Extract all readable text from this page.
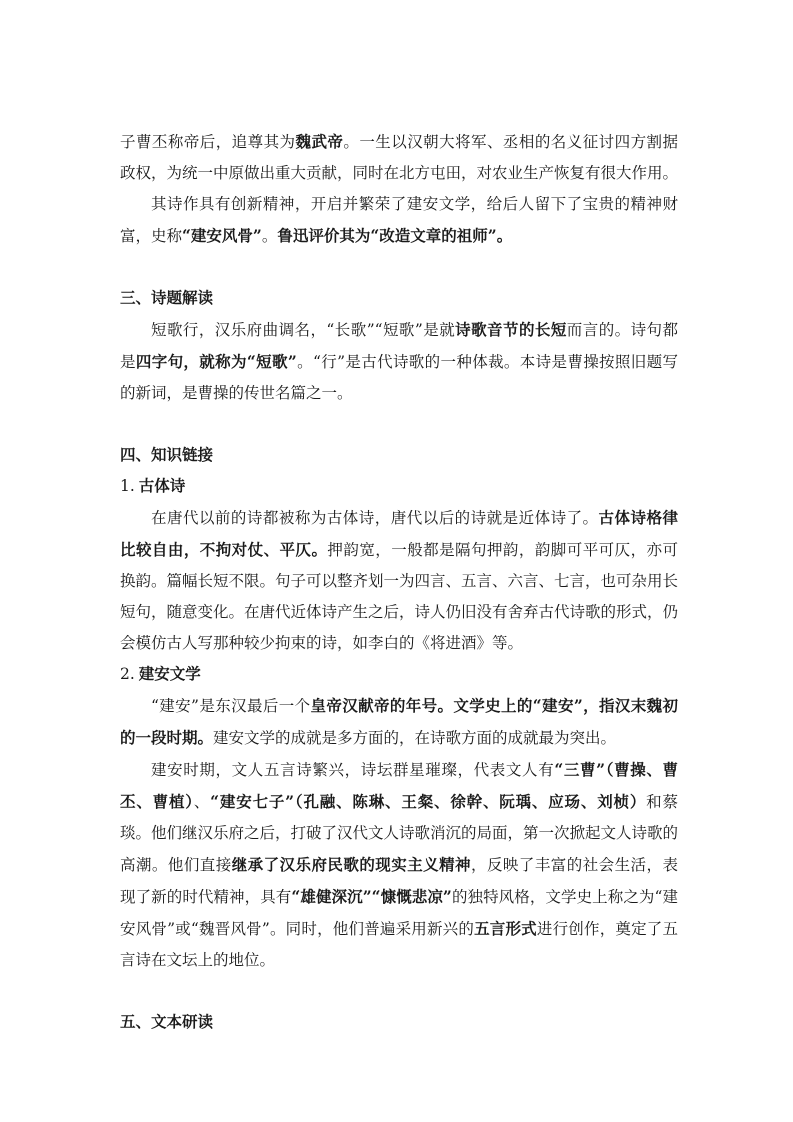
子曹丕称帝后，追尊其为魏武帝。一生以汉朝大将军、丞相的名义征讨四方割据政权，为统一中原做出重大贡献，同时在北方屯田，对农业生产恢复有很大作用。

其诗作具有创新精神，开启并繁荣了建安文学，给后人留下了宝贵的精神财富，史称“建安风骨”。鲁迅评价其为“改造文章的祖师”。

三、诗题解读

短歌行，汉乐府曲调名，“长歌”“短歌”是就诗歌音节的长短而言的。诗句都是四字句，就称为“短歌”。“行”是古代诗歌的一种体裁。本诗是曹操按照旧题写的新词，是曹操的传世名篇之一。

四、知识链接
1. 古体诗

在唐代以前的诗都被称为古体诗，唐代以后的诗就是近体诗了。古体诗格律比较自由，不拘对仗、平仄。押韵宽，一般都是隔句押韵，韵脚可平可仄，亦可换韵。篇幅长短不限。句子可以整齐划一为四言、五言、六言、七言，也可杂用长短句，随意变化。在唐代近体诗产生之后，诗人仍旧没有舍弃古代诗歌的形式，仍会模仿古人写那种较少拘束的诗，如李白的《将进酒》等。

2. 建安文学

“建安”是东汉最后一个皇帝汉献帝的年号。文学史上的“建安”，指汉末魏初的一段时期。建安文学的成就是多方面的，在诗歌方面的成就最为突出。

建安时期，文人五言诗繁兴，诗坛群星璀璨，代表文人有“三曹”（曹操、曹丕、曹植）、“建安七子”（孔融、陈琳、王粲、徐幹、阮瑀、应玚、刘桢）和蔡琰。他们继汉乐府之后，打破了汉代文人诗歌消沉的局面，第一次掀起文人诗歌的高潮。他们直接继承了汉乐府民歌的现实主义精神，反映了丰富的社会生活，表现了新的时代精神，具有“雄健深沉”“慷慨悲凉”的独特风格，文学史上称之为“建安风骨”或“魏晋风骨”。同时，他们普遍采用新兴的五言形式进行创作，奠定了五言诗在文坛上的地位。

五、文本研读
